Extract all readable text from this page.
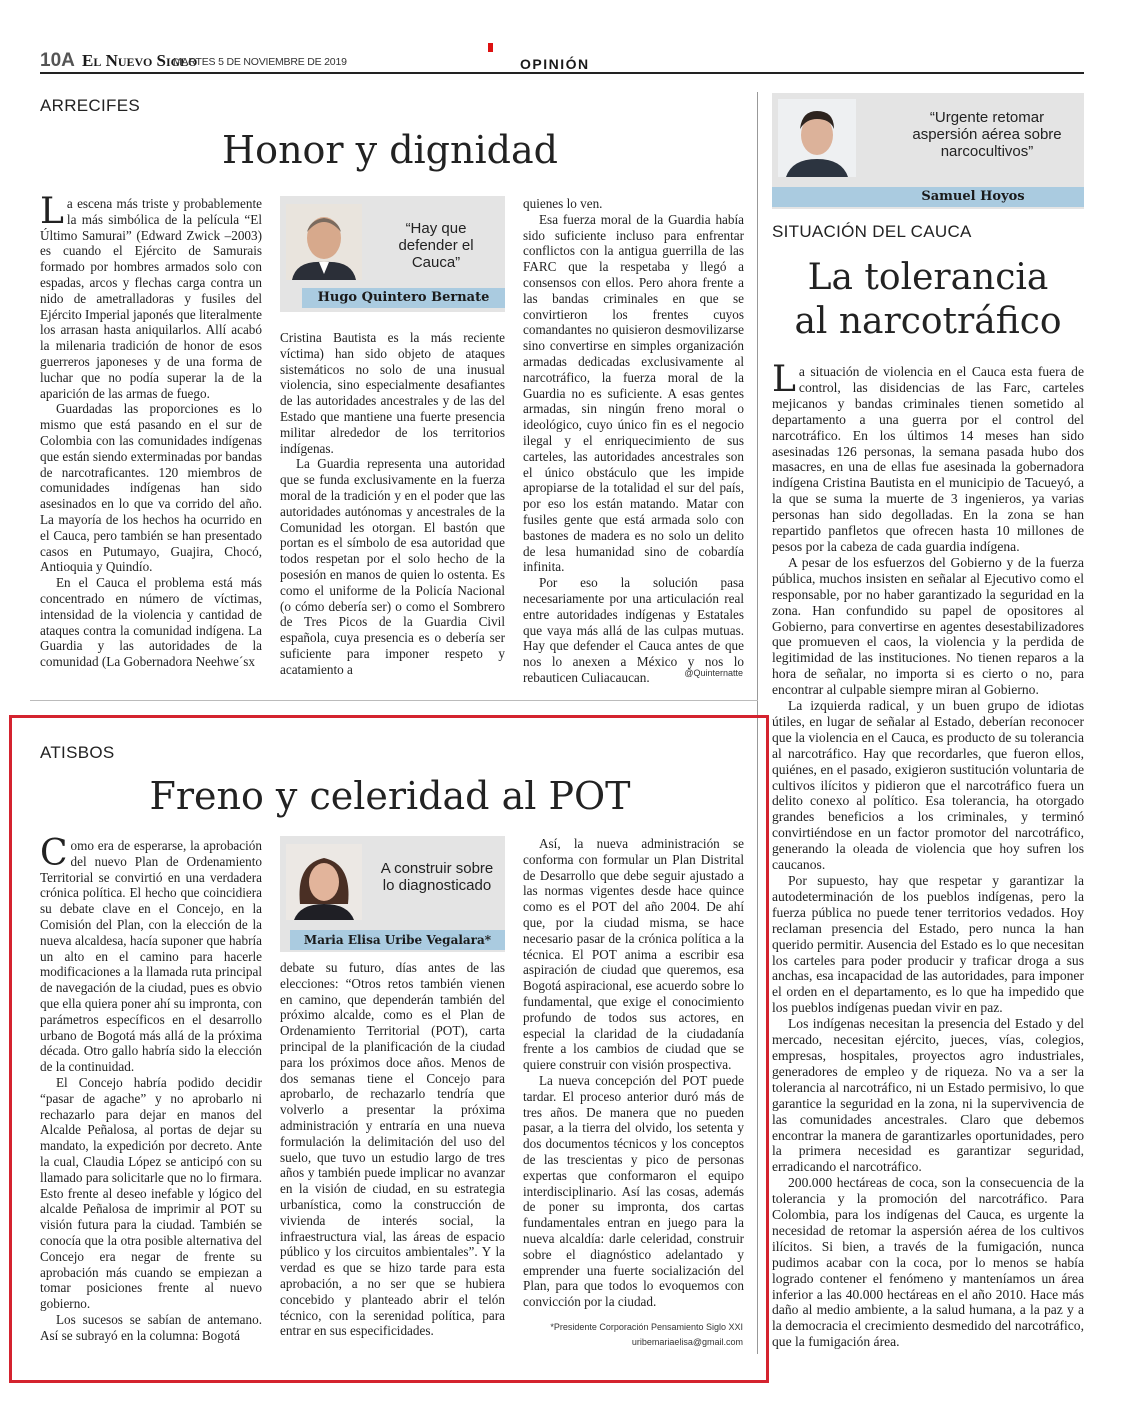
10A El Nuevo Siglo
MARTES 5 DE NOVIEMBRE DE 2019	OPINIÓN
ARRECIFES
Honor y dignidad

La escena más triste y probablemente la más simbólica de la película “El Último Samurai” (Edward Zwick –2003) es cuando el Ejército de Samurais formado por hombres armados solo con espadas, arcos y flechas carga contra un nido de ametralladoras y fusiles del Ejército Imperial japonés que literalmente los arrasan hasta aniquilarlos. Allí acabó la milenaria tradición de honor de esos guerreros japoneses y de una forma de luchar que no podía superar la de la aparición de las armas de fuego.

Guardadas las proporciones es lo mismo que está pasando en el sur de Colombia con las comunidades indígenas que están siendo exterminadas por bandas de narcotraficantes. 120 miembros de comunidades indígenas han sido asesinados en lo que va corrido del año. La mayoría de los hechos ha ocurrido en el Cauca, pero también se han presentado casos en Putumayo, Guajira, Chocó, Antioquia y Quindío.

En el Cauca el problema está más concentrado en número de víctimas, intensidad de la violencia y cantidad de ataques contra la comunidad indígena. La Guardia y las autoridades de la comunidad (La Gobernadora Neehwe´sx

“Hay que defender el Cauca”
Hugo Quintero Bernate

Cristina Bautista es la más reciente víctima) han sido objeto de ataques sistemáticos no solo de una inusual violencia, sino especialmente desafiantes de las autoridades ancestrales y de las del Estado que mantiene una fuerte presencia militar alrededor de los territorios indígenas.

La Guardia representa una autoridad que se funda exclusivamente en la fuerza moral de la tradición y en el poder que las autoridades autónomas y ancestrales de la Comunidad les otorgan. El bastón que portan es el símbolo de esa autoridad que todos respetan por el solo hecho de la posesión en manos de quien lo ostenta. Es como el uniforme de la Policía Nacional (o cómo debería ser) o como el Sombrero de Tres Picos de la Guardia Civil española, cuya presencia es o debería ser suficiente para imponer respeto y acatamiento a

quienes lo ven.

Esa fuerza moral de la Guardia había sido suficiente incluso para enfrentar conflictos con la antigua guerrilla de las FARC que la respetaba y llegó a consensos con ellos. Pero ahora frente a las bandas criminales en que se convirtieron los frentes cuyos comandantes no quisieron desmovilizarse sino convertirse en simples organización armadas dedicadas exclusivamente al narcotráfico, la fuerza moral de la Guardia no es suficiente. A esas gentes armadas, sin ningún freno moral o ideológico, cuyo único fin es el negocio ilegal y el enriquecimiento de sus carteles, las autoridades ancestrales son el único obstáculo que les impide apropiarse de la totalidad el sur del país, por eso los están matando. Matar con fusiles gente que está armada solo con bastones de madera es no solo un delito de lesa humanidad sino de cobardía infinita.

Por eso la solución pasa necesariamente por una articulación real entre autoridades indígenas y Estatales que vaya más allá de las culpas mutuas. Hay que defender el Cauca antes de que nos lo anexen a México y nos lo rebauticen Culiacaucan.	@Quinternatte
ATISBOS
Freno y celeridad al POT

Como era de esperarse, la aprobación del nuevo Plan de Ordenamiento Territorial se convirtió en una verdadera crónica política. El hecho que coincidiera su debate clave en el Concejo, en la Comisión del Plan, con la elección de la nueva alcaldesa, hacía suponer que habría un alto en el camino para hacerle modificaciones a la llamada ruta principal de navegación de la ciudad, pues es obvio que ella quiera poner ahí su impronta, con parámetros específicos en el desarrollo urbano de Bogotá más allá de la próxima década. Otro gallo habría sido la elección de la continuidad.

El Concejo habría podido decidir “pasar de agache” y no aprobarlo ni rechazarlo para dejar en manos del Alcalde Peñalosa, al portas de dejar su mandato, la expedición por decreto. Ante la cual, Claudia López se anticipó con su llamado para solicitarle que no lo firmara. Esto frente al deseo inefable y lógico del alcalde Peñalosa de imprimir al POT su visión futura para la ciudad. También se conocía que la otra posible alternativa del Concejo era negar de frente su aprobación más cuando se empiezan a tomar posiciones frente al nuevo gobierno.

Los sucesos se sabían de antemano. Así se subrayó en la columna: Bogotá

A construir sobre lo diagnosticado
Maria Elisa Uribe Vegalara*

debate su futuro, días antes de las elecciones: “Otros retos también vienen en camino, que dependerán también del próximo alcalde, como es el Plan de Ordenamiento Territorial (POT), carta principal de la planificación de la ciudad para los próximos doce años. Menos de dos semanas tiene el Concejo para aprobarlo, de rechazarlo tendría que volverlo a presentar la próxima administración y entraría en una nueva formulación la delimitación del uso del suelo, que tuvo un estudio largo de tres años y también puede implicar no avanzar en la visión de ciudad, en su estrategia urbanística, como la construcción de vivienda de interés social, la infraestructura vial, las áreas de espacio público y los circuitos ambientales”. Y la verdad es que se hizo tarde para esta aprobación, a no ser que se hubiera concebido y planteado abrir el telón técnico, con la serenidad política, para entrar en sus especificidades.

Así, la nueva administración se conforma con formular un Plan Distrital de Desarrollo que debe seguir ajustado a las normas vigentes desde hace quince como es el POT del año 2004. De ahí que, por la ciudad misma, se hace necesario pasar de la crónica política a la técnica. El POT anima a escribir esa aspiración de ciudad que queremos, esa Bogotá aspiracional, ese acuerdo sobre lo fundamental, que exige el conocimiento profundo de todos sus actores, en especial la claridad de la ciudadanía frente a los cambios de ciudad que se quiere construir con visión prospectiva.

La nueva concepción del POT puede tardar. El proceso anterior duró más de tres años. De manera que no pueden pasar, a la tierra del olvido, los setenta y dos documentos técnicos y los conceptos de las trescientas y pico de personas expertas que conformaron el equipo interdisciplinario. Así las cosas, además de poner su impronta, dos cartas fundamentales entran en juego para la nueva alcaldía: darle celeridad, construir sobre el diagnóstico adelantado y emprender una fuerte socialización del Plan, para que todos lo evoquemos con convicción por la ciudad.

*Presidente Corporación Pensamiento Siglo XXI
uribemariaelisa@gmail.com
“Urgente retomar aspersión aérea sobre narcocultivos”
Samuel Hoyos
SITUACIÓN DEL CAUCA
La tolerancia
al narcotráfico

La situación de violencia en el Cauca esta fuera de control, las disidencias de las Farc, carteles mejicanos y bandas criminales tienen sometido al departamento a una guerra por el control del narcotráfico. En los últimos 14 meses han sido asesinadas 126 personas, la semana pasada hubo dos masacres, en una de ellas fue asesinada la gobernadora indígena Cristina Bautista en el municipio de Tacueyó, a la que se suma la muerte de 3 ingenieros, ya varias personas han sido degolladas. En la zona se han repartido panfletos que ofrecen hasta 10 millones de pesos por la cabeza de cada guardia indígena.

A pesar de los esfuerzos del Gobierno y de la fuerza pública, muchos insisten en señalar al Ejecutivo como el responsable, por no haber garantizado la seguridad en la zona. Han confundido su papel de opositores al Gobierno, para convertirse en agentes desestabilizadores que promueven el caos, la violencia y la perdida de legitimidad de las instituciones. No tienen reparos a la hora de señalar, no importa si es cierto o no, para encontrar al culpable siempre miran al Gobierno.

La izquierda radical, y un buen grupo de idiotas útiles, en lugar de señalar al Estado, deberían reconocer que la violencia en el Cauca, es producto de su tolerancia al narcotráfico. Hay que recordarles, que fueron ellos, quiénes, en el pasado, exigieron sustitución voluntaria de cultivos ilícitos y pidieron que el narcotráfico fuera un delito conexo al político. Esa tolerancia, ha otorgado grandes beneficios a los criminales, y terminó convirtiéndose en un factor promotor del narcotráfico, generando la oleada de violencia que hoy sufren los caucanos.

Por supuesto, hay que respetar y garantizar la autodeterminación de los pueblos indígenas, pero la fuerza pública no puede tener territorios vedados. Hoy reclaman presencia del Estado, pero nunca la han querido permitir. Ausencia del Estado es lo que necesitan los carteles para poder producir y traficar droga a sus anchas, esa incapacidad de las autoridades, para imponer el orden en el departamento, es lo que ha impedido que los pueblos indígenas puedan vivir en paz.

Los indígenas necesitan la presencia del Estado y del mercado, necesitan ejército, jueces, vías, colegios, empresas, hospitales, proyectos agro industriales, generadores de empleo y de riqueza. No va a ser la tolerancia al narcotráfico, ni un Estado permisivo, lo que garantice la seguridad en la zona, ni la supervivencia de las comunidades ancestrales. Claro que debemos encontrar la manera de garantizarles oportunidades, pero la primera necesidad es garantizar seguridad, erradicando el narcotráfico.

200.000 hectáreas de coca, son la consecuencia de la tolerancia y la promoción del narcotráfico. Para Colombia, para los indígenas del Cauca, es urgente la necesidad de retomar la aspersión aérea de los cultivos ilícitos. Si bien, a través de la fumigación, nunca pudimos acabar con la coca, por lo menos se había logrado contener el fenómeno y manteníamos un área inferior a las 40.000 hectáreas en el año 2010. Hace más daño al medio ambiente, a la salud humana, a la paz y a la democracia el crecimiento desmedido del narcotráfico, que la fumigación área.
